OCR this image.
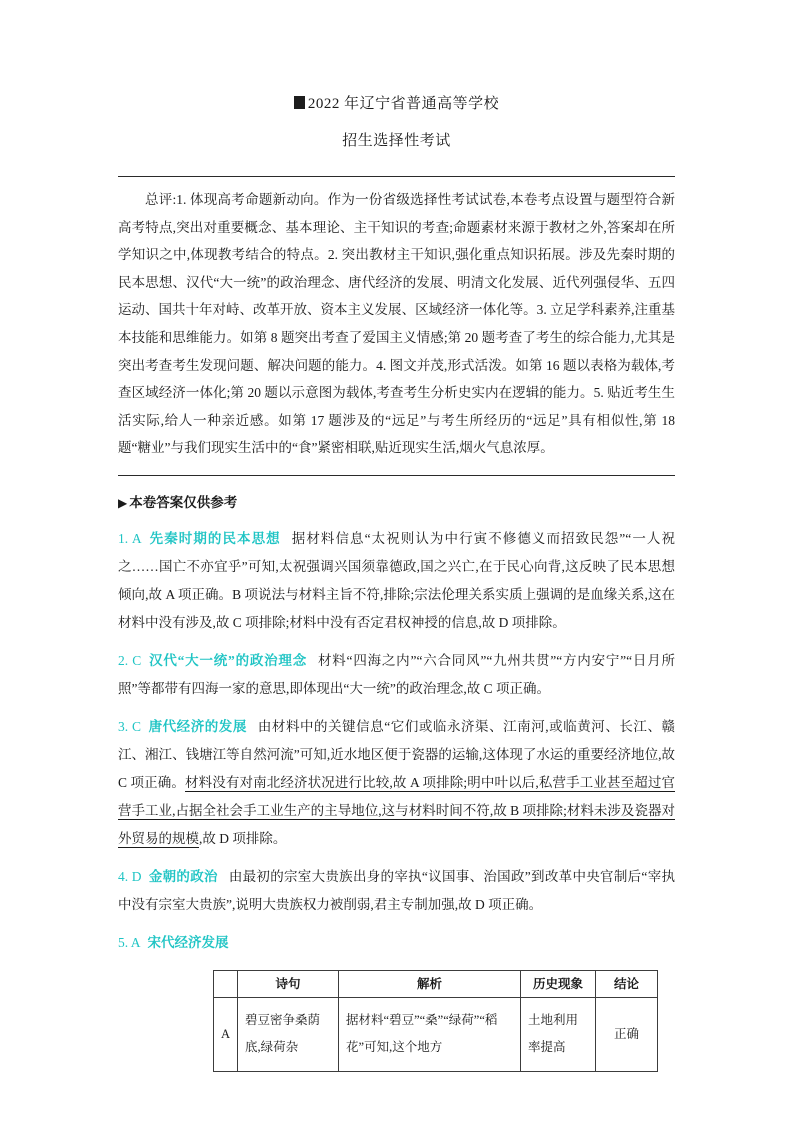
2022 年辽宁省普通高等学校
招生选择性考试

总评:1. 体现高考命题新动向。作为一份省级选择性考试试卷,本卷考点设置与题型符合新高考特点,突出对重要概念、基本理论、主干知识的考查;命题素材来源于教材之外,答案却在所学知识之中,体现教考结合的特点。2. 突出教材主干知识,强化重点知识拓展。涉及先秦时期的民本思想、汉代“大一统”的政治理念、唐代经济的发展、明清文化发展、近代列强侵华、五四运动、国共十年对峙、改革开放、资本主义发展、区域经济一体化等。3. 立足学科素养,注重基本技能和思维能力。如第 8 题突出考查了爱国主义情感;第 20 题考查了考生的综合能力,尤其是突出考查考生发现问题、解决问题的能力。4. 图文并茂,形式活泼。如第 16 题以表格为载体,考查区域经济一体化;第 20 题以示意图为载体,考查考生分析史实内在逻辑的能力。5. 贴近考生生活实际,给人一种亲近感。如第 17 题涉及的“远足”与考生所经历的“远足”具有相似性,第 18 题“糖业”与我们现实生活中的“食”紧密相联,贴近现实生活,烟火气息浓厚。

▶ 本卷答案仅供参考

1. A 先秦时期的民本思想 据材料信息“太祝则认为中行寅不修德义而招致民怨”“一人祝之……国亡不亦宜乎”可知,太祝强调兴国须靠德政,国之兴亡,在于民心向背,这反映了民本思想倾向,故 A 项正确。B 项说法与材料主旨不符,排除;宗法伦理关系实质上强调的是血缘关系,这在材料中没有涉及,故 C 项排除;材料中没有否定君权神授的信息,故 D 项排除。

2. C 汉代“大一统”的政治理念 材料“四海之内”“六合同风”“九州共贯”“方内安宁”“日月所照”等都带有四海一家的意思,即体现出“大一统”的政治理念,故 C 项正确。

3. C 唐代经济的发展 由材料中的关键信息“它们或临永济渠、江南河,或临黄河、长江、赣江、湘江、钱塘江等自然河流”可知,近水地区便于瓷器的运输,这体现了水运的重要经济地位,故 C 项正确。材料没有对南北经济状况进行比较,故 A 项排除;明中叶以后,私营手工业甚至超过官营手工业,占据全社会手工业生产的主导地位,这与材料时间不符,故 B 项排除;材料未涉及瓷器对外贸易的规模,故 D 项排除。

4. D 金朝的政治 由最初的宗室大贵族出身的宰执“议国事、治国政”到改革中央官制后“宰执中没有宗室大贵族”,说明大贵族权力被削弱,君主专制加强,故 D 项正确。

5. A 宋代经济发展

	诗句	解析	历史现象	结论
A	碧豆密争桑荫底,绿荷杂	据材料“碧豆”“桑”“绿荷”“稻花”可知,这个地方	土地利用率提高	正确
